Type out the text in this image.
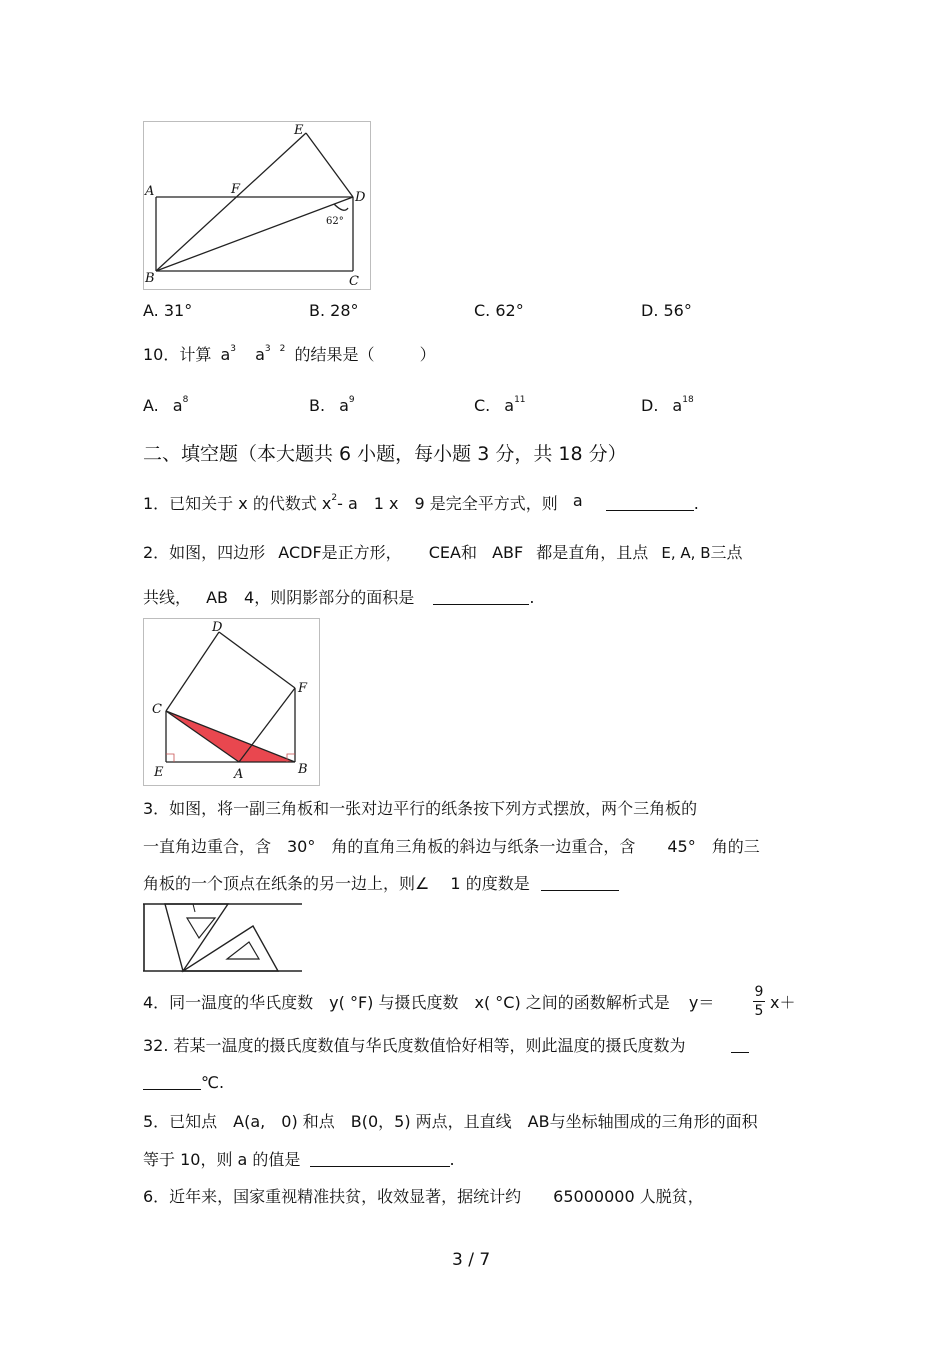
A
B	C
D
E
F
62°
A. 31°	B. 28°	C. 62°	D. 56°
10．计算 $a^3$ $a^3$ $^2$ 的结果是（	）
A. $a^8$	B. $a^9$	C. $a^{11}$	D. $a^{18}$
二、填空题（本大题共 6 小题，每小题 3 分，共 18 分）
1．已知关于 x 的代数式 $x^2-$ a　1 x　9 是完全平方式，则 a	.
2．如图，四边形 ACDF是正方形， CEA和 ABF 都是直角，且点 E, A, B三点
共线， AB　4，则阴影部分的面积是	.
D
C
F
E	A	B
3．如图，将一副三角板和一张对边平行的纸条按下列方式摆放，两个三角板的
一直角边重合，含　30°　角的直角三角板的斜边与纸条一边重合，含　　45°　角的三
角板的一个顶点在纸条的另一边上，则∠　 1 的度数是
4．同一温度的华氏度数　y( °F) 与摄氏度数　x( °C) 之间的函数解析式是 y＝
9
5 x＋
32. 若某一温度的摄氏度数值与华氏度数值恰好相等，则此温度的摄氏度数为
℃.
5．已知点　A(a,　0) 和点　B(0，5) 两点，且直线　AB与坐标轴围成的三角形的面积
等于 10，则 a 的值是	.
6．近年来，国家重视精准扶贫，收效显著，据统计约　　65000000 人脱贫，
3 / 7
